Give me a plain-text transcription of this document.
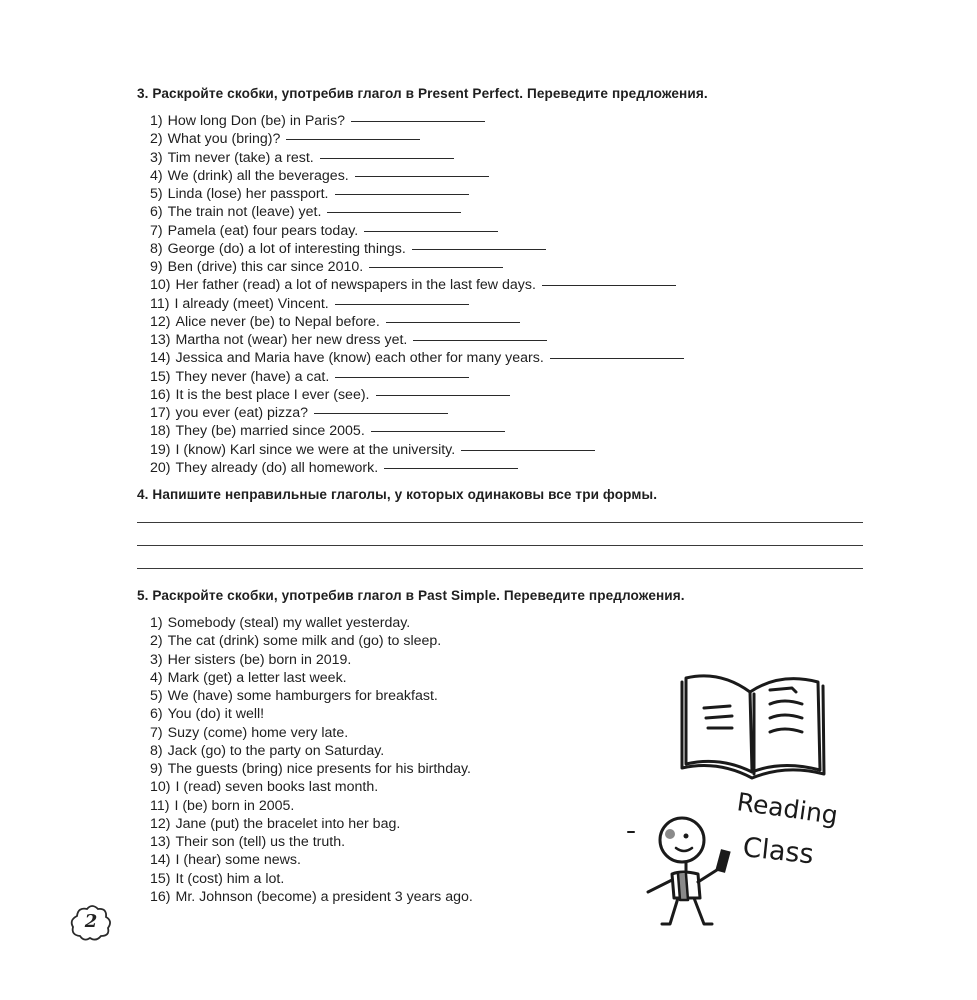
3. Раскройте скобки, употребив глагол в Present Perfect. Переведите предложения.
1) How long Don (be) in Paris?
2) What you (bring)?
3) Tim never (take) a rest.
4) We (drink) all the beverages.
5) Linda (lose) her passport.
6) The train not (leave) yet.
7) Pamela (eat) four pears today.
8) George (do) a lot of interesting things.
9) Ben (drive) this car since 2010.
10) Her father (read) a lot of newspapers in the last few days.
11) I already (meet) Vincent.
12) Alice never (be) to Nepal before.
13) Martha not (wear) her new dress yet.
14) Jessica and Maria have (know) each other for many years.
15) They never (have) a cat.
16) It is the best place I ever (see).
17) you ever (eat) pizza?
18) They (be) married since 2005.
19) I (know) Karl since we were at the university.
20) They already (do) all homework.
4. Напишите неправильные глаголы, у которых одинаковы все три формы.
5. Раскройте скобки, употребив глагол в Past Simple. Переведите предложения.
1) Somebody (steal) my wallet yesterday.
2) The cat (drink) some milk and (go) to sleep.
3) Her sisters (be) born in 2019.
4) Mark (get) a letter last week.
5) We (have) some hamburgers for breakfast.
6) You (do) it well!
7) Suzy (come) home very late.
8) Jack (go) to the party on Saturday.
9) The guests (bring) nice presents for his birthday.
10) I (read) seven books last month.
11) I (be) born in 2005.
12) Jane (put) the bracelet into her bag.
13) Their son (tell) us the truth.
14) I (hear) some news.
15) It (cost) him a lot.
16) Mr. Johnson (become) a president 3 years ago.
Reading
Class
2
